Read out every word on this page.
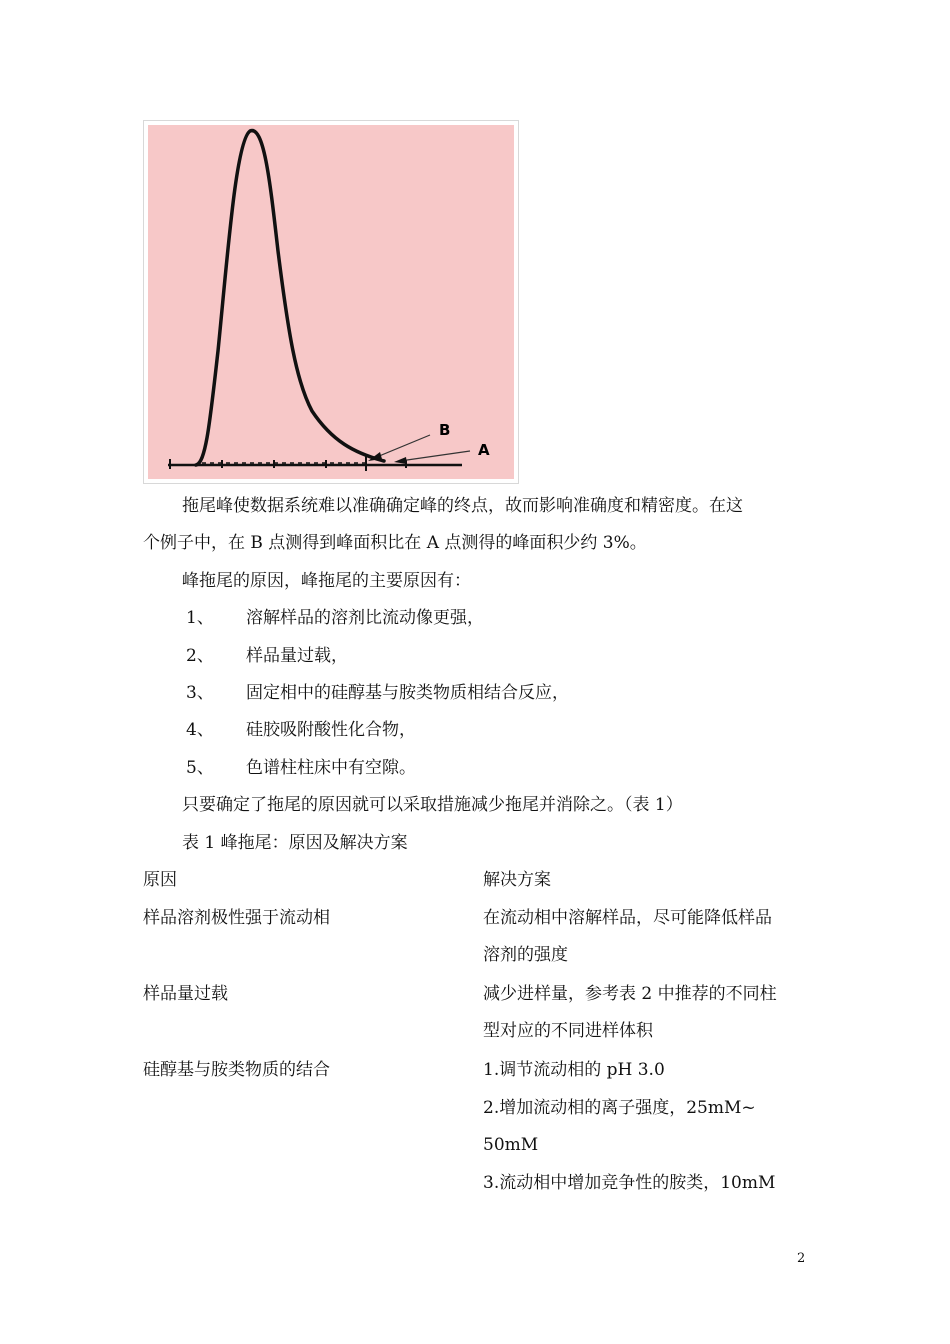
B
A
拖尾峰使数据系统难以准确确定峰的终点，故而影响准确度和精密度。在这
个例子中，在 B 点测得到峰面积比在 A 点测得的峰面积少约 3%。
峰拖尾的原因，峰拖尾的主要原因有：
1、 溶解样品的溶剂比流动像更强，
2、 样品量过载，
3、 固定相中的硅醇基与胺类物质相结合反应，
4、 硅胶吸附酸性化合物，
5、 色谱柱柱床中有空隙。
只要确定了拖尾的原因就可以采取措施减少拖尾并消除之。（表 1）
表 1 峰拖尾：原因及解决方案
原因	解决方案
样品溶剂极性强于流动相	在流动相中溶解样品，尽可能降低样品
溶剂的强度
样品量过载	减少进样量，参考表 2 中推荐的不同柱
型对应的不同进样体积
硅醇基与胺类物质的结合	1.调节流动相的 pH 3.0
2.增加流动相的离子强度，25mM~
50mM
3.流动相中增加竞争性的胺类，10mM
2
